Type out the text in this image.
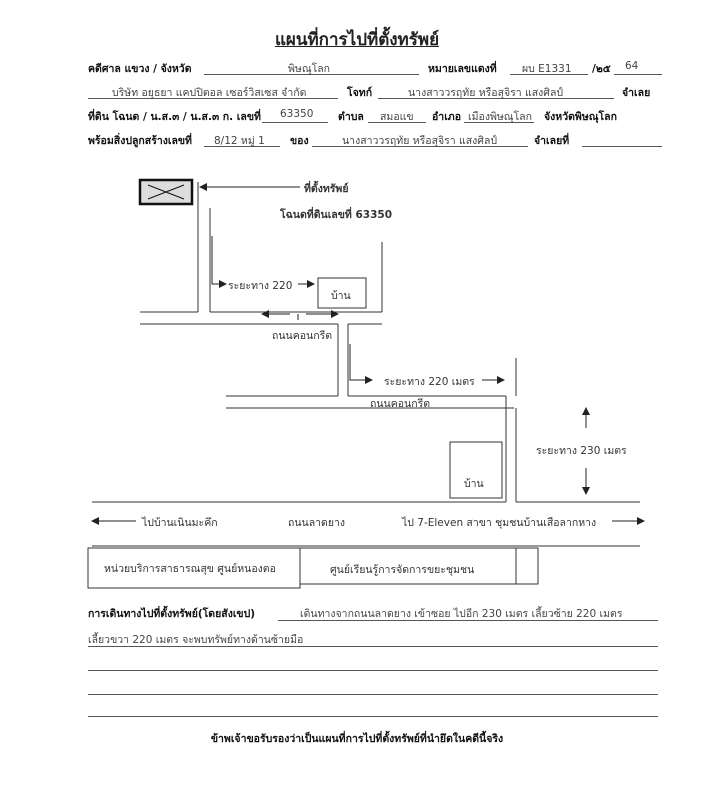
แผนที่การไปที่ตั้งทรัพย์
คดีศาล แขวง / จังหวัด	พิษณุโลก	หมายเลขแดงที่ ผบ E1331 /๒๕ 64
บริษัท อยุธยา แคปปิตอล เซอร์วิสเซส จำกัด	โจทก์	นางสาววรฤทัย หรือสุจิรา แสงศิลป์	จำเลย
ที่ดิน โฉนด / น.ส.๓ / น.ส.๓ ก. เลขที่ 63350 ตำบล สมอแข อำเภอ เมืองพิษณุโลก จังหวัดพิษณุโลก
พร้อมสิ่งปลูกสร้างเลขที่ 8/12 หมู่ 1 ของ	นางสาววรฤทัย หรือสุจิรา แสงศิลป์	จำเลยที่
ที่ตั้งทรัพย์
โฉนดที่ดินเลขที่ 63350
ระยะทาง 220
บ้าน
ถนนคอนกรีต
ระยะทาง 220 เมตร
ถนนคอนกรีต
ระยะทาง 230 เมตร
บ้าน
ไปบ้านเนินมะคึก	ถนนลาดยาง	ไป 7-Eleven สาขา ชุมชนบ้านเสือลากหาง
หน่วยบริการสาธารณสุข ศูนย์หนองตอ	ศูนย์เรียนรู้การจัดการขยะชุมชน
การเดินทางไปที่ตั้งทรัพย์(โดยสังเขป)	เดินทางจากถนนลาดยาง เข้าซอย ไปอีก 230 เมตร เลี้ยวซ้าย 220 เมตร
เลี้ยวขวา 220 เมตร จะพบทรัพย์ทางด้านซ้ายมือ
ข้าพเจ้าขอรับรองว่าเป็นแผนที่การไปที่ตั้งทรัพย์ที่นำยึดในคดีนี้จริง
